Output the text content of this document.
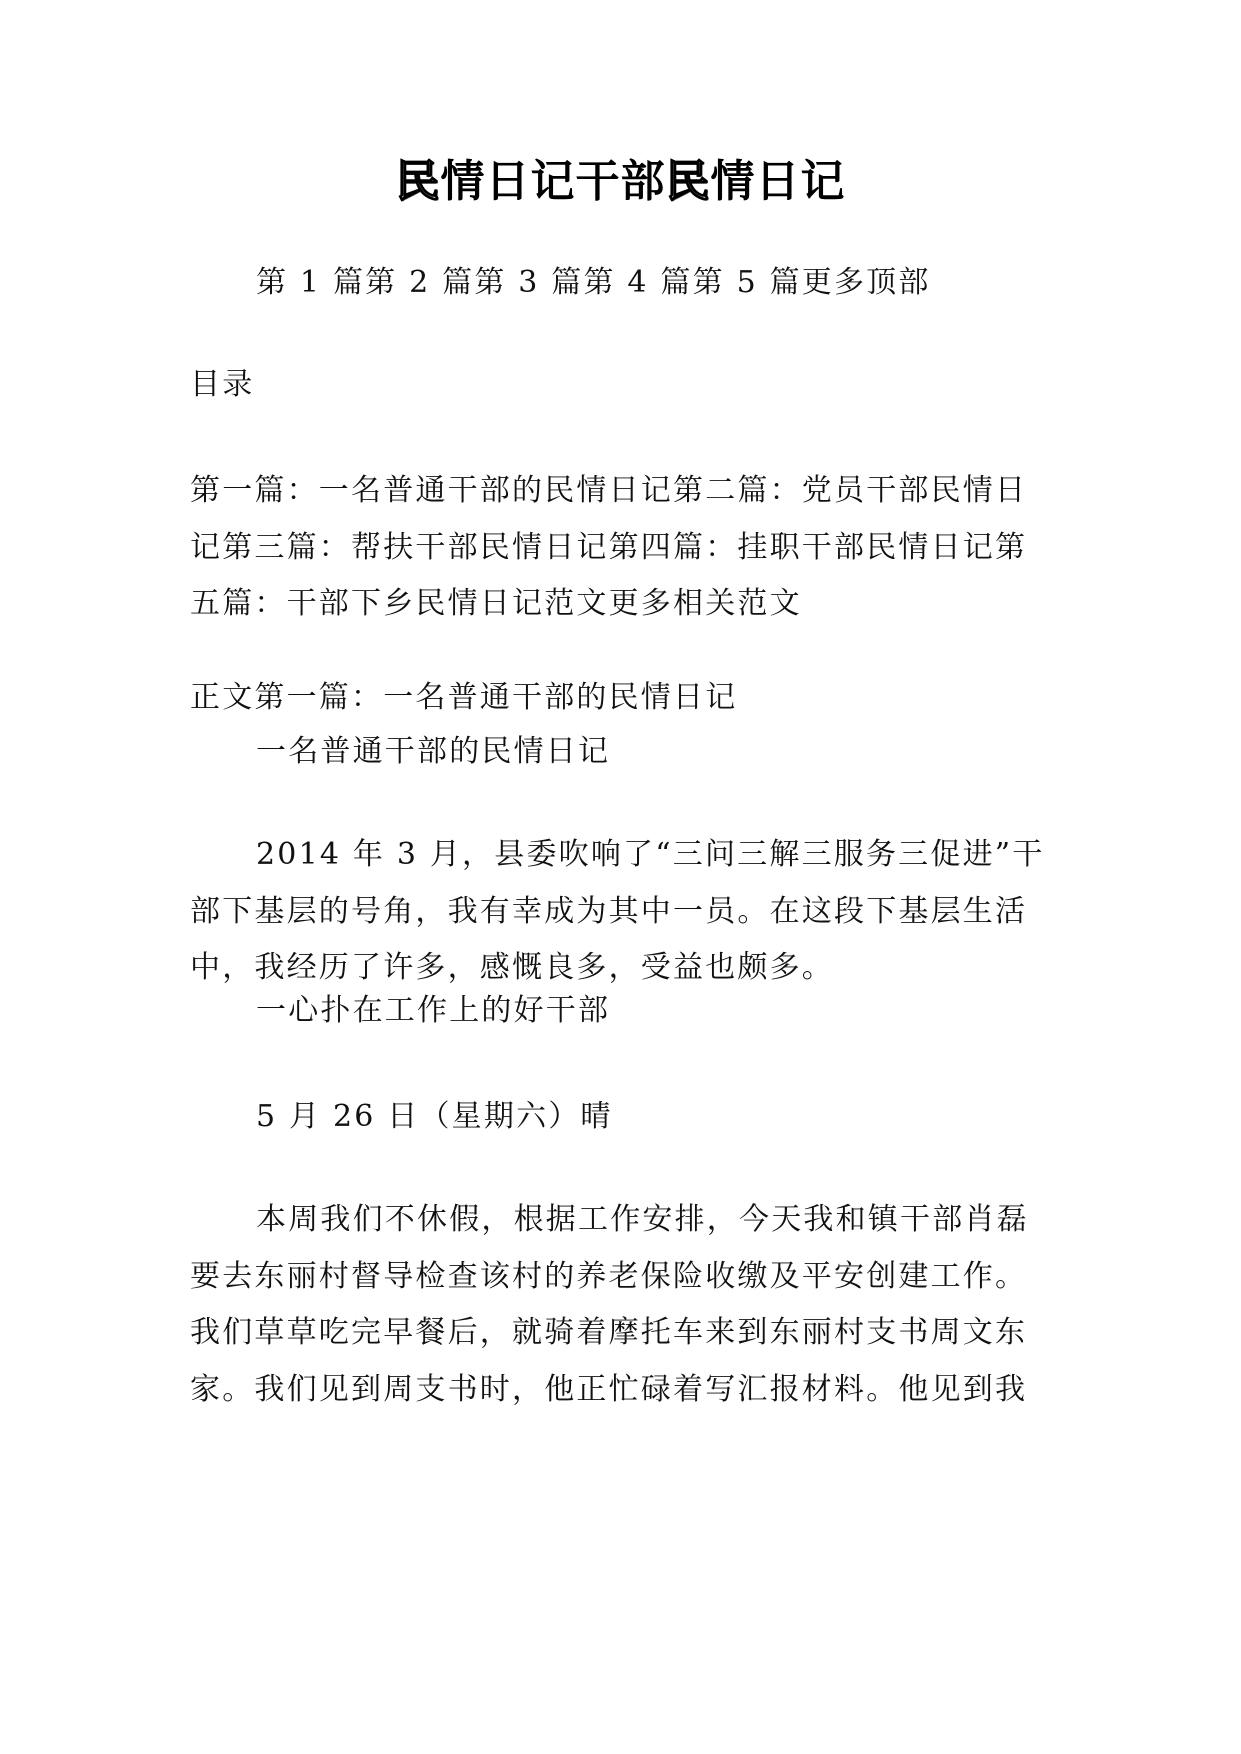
民情日记干部民情日记
第 1 篇第 2 篇第 3 篇第 4 篇第 5 篇更多顶部
目录
第一篇：一名普通干部的民情日记第二篇：党员干部民情日
记第三篇：帮扶干部民情日记第四篇：挂职干部民情日记第
五篇：干部下乡民情日记范文更多相关范文
正文第一篇：一名普通干部的民情日记
一名普通干部的民情日记
2014 年 3 月，县委吹响了“三问三解三服务三促进”干
部下基层的号角，我有幸成为其中一员。在这段下基层生活
中，我经历了许多，感慨良多，受益也颇多。
一心扑在工作上的好干部
5 月 26 日（星期六）晴
本周我们不休假，根据工作安排，今天我和镇干部肖磊
要去东丽村督导检查该村的养老保险收缴及平安创建工作。
我们草草吃完早餐后，就骑着摩托车来到东丽村支书周文东
家。我们见到周支书时，他正忙碌着写汇报材料。他见到我
